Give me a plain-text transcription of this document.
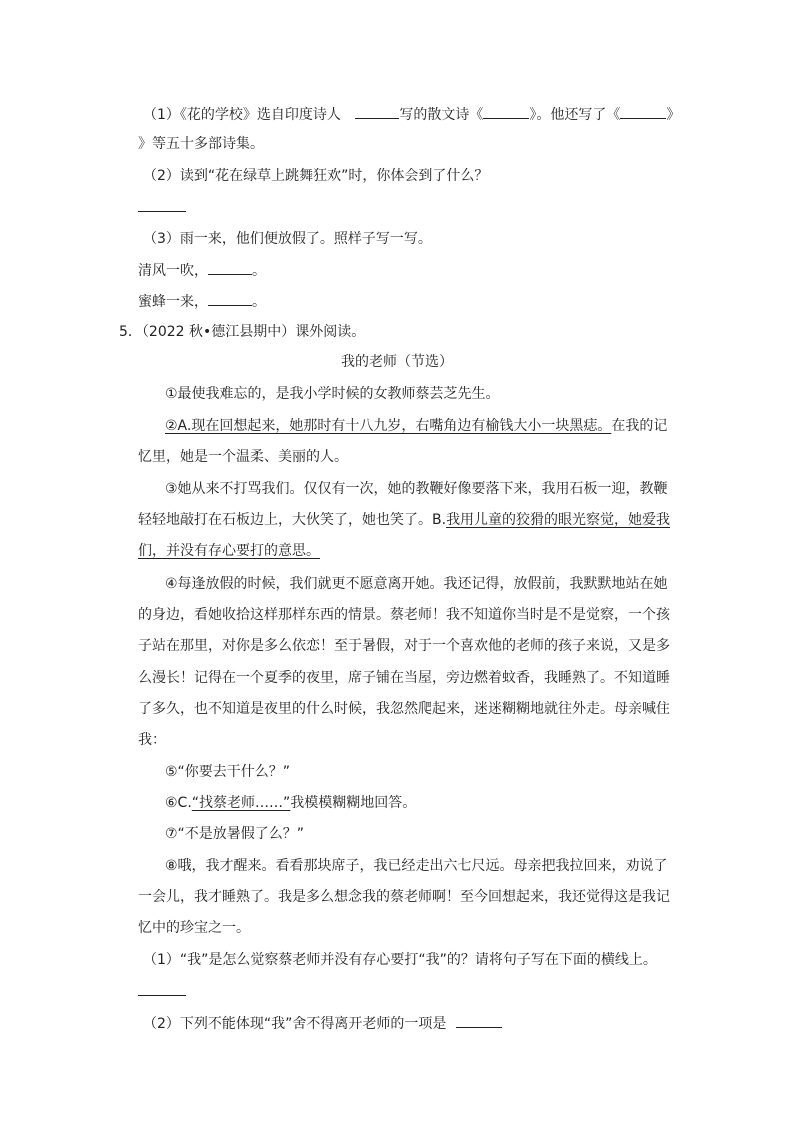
（1）《花的学校》选自印度诗人	写的散文诗《	》。他还写了《	》
》等五十多部诗集。
（2）读到“花在绿草上跳舞狂欢”时，你体会到了什么？
（3）雨一来，他们便放假了。照样子写一写。
清风一吹，	。
蜜蜂一来，	。
5．（2022 秋•德江县期中）课外阅读。
我的老师（节选）
①最使我难忘的，是我小学时候的女教师蔡芸芝先生。
②A.现在回想起来，她那时有十八九岁，右嘴角边有榆钱大小一块黑痣。在我的记
忆里，她是一个温柔、美丽的人。
③她从来不打骂我们。仅仅有一次，她的教鞭好像要落下来，我用石板一迎，教鞭
轻轻地敲打在石板边上，大伙笑了，她也笑了。B.我用儿童的狡猾的眼光察觉，她爱我
们，并没有存心要打的意思。
④每逢放假的时候，我们就更不愿意离开她。我还记得，放假前，我默默地站在她
的身边，看她收拾这样那样东西的情景。蔡老师！我不知道你当时是不是觉察，一个孩
子站在那里，对你是多么依恋！至于暑假，对于一个喜欢他的老师的孩子来说，又是多
么漫长！记得在一个夏季的夜里，席子铺在当屋，旁边燃着蚊香，我睡熟了。不知道睡
了多久，也不知道是夜里的什么时候，我忽然爬起来，迷迷糊糊地就往外走。母亲喊住
我：
⑤“你要去干什么？”
⑥C.“找蔡老师……”我模模糊糊地回答。
⑦“不是放暑假了么？”
⑧哦，我才醒来。看看那块席子，我已经走出六七尺远。母亲把我拉回来，劝说了
一会儿，我才睡熟了。我是多么想念我的蔡老师啊！至今回想起来，我还觉得这是我记
忆中的珍宝之一。
（1）“我”是怎么觉察蔡老师并没有存心要打“我”的？请将句子写在下面的横线上。
（2）下列不能体现“我”舍不得离开老师的一项是
